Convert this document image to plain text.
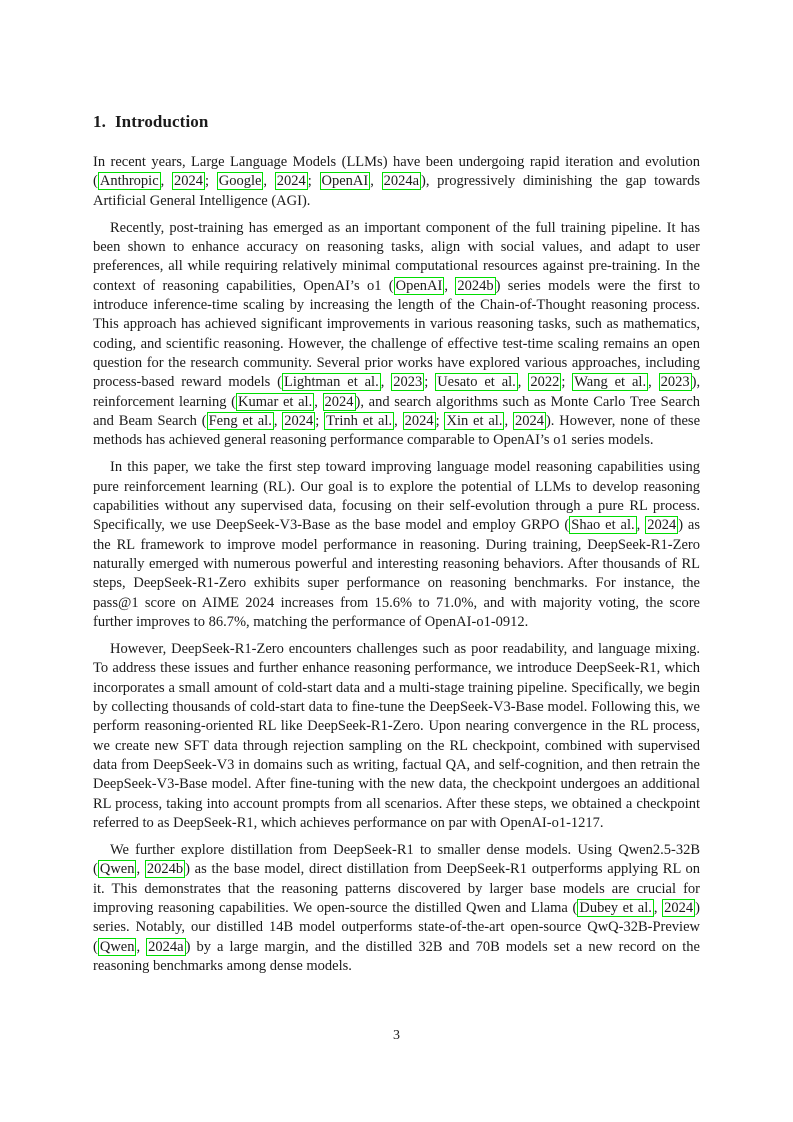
1. Introduction

In recent years, Large Language Models (LLMs) have been undergoing rapid iteration and evolution ( Anthropic , 2024 ; Google , 2024 ; OpenAI , 2024a ), progressively diminishing the gap towards Artificial General Intelligence (AGI).

Recently, post-training has emerged as an important component of the full training pipeline. It has been shown to enhance accuracy on reasoning tasks, align with social values, and adapt to user preferences, all while requiring relatively minimal computational resources against pre-training. In the context of reasoning capabilities, OpenAI’s o1 ( OpenAI , 2024b ) series models were the first to introduce inference-time scaling by increasing the length of the Chain-of-Thought reasoning process. This approach has achieved significant improvements in various reasoning tasks, such as mathematics, coding, and scientific reasoning. However, the challenge of effective test-time scaling remains an open question for the research community. Several prior works have explored various approaches, including process-based reward models ( Lightman et al. , 2023 ; Uesato et al. , 2022 ; Wang et al. , 2023 ), reinforcement learning ( Kumar et al. , 2024 ), and search algorithms such as Monte Carlo Tree Search and Beam Search ( Feng et al. , 2024 ; Trinh et al. , 2024 ; Xin et al. , 2024 ). However, none of these methods has achieved general reasoning performance comparable to OpenAI’s o1 series models.

In this paper, we take the first step toward improving language model reasoning capabilities using pure reinforcement learning (RL). Our goal is to explore the potential of LLMs to develop reasoning capabilities without any supervised data, focusing on their self-evolution through a pure RL process. Specifically, we use DeepSeek-V3-Base as the base model and employ GRPO ( Shao et al. , 2024 ) as the RL framework to improve model performance in reasoning. During training, DeepSeek-R1-Zero naturally emerged with numerous powerful and interesting reasoning behaviors. After thousands of RL steps, DeepSeek-R1-Zero exhibits super performance on reasoning benchmarks. For instance, the pass@1 score on AIME 2024 increases from 15.6% to 71.0%, and with majority voting, the score further improves to 86.7%, matching the performance of OpenAI-o1-0912.

However, DeepSeek-R1-Zero encounters challenges such as poor readability, and language mixing. To address these issues and further enhance reasoning performance, we introduce DeepSeek-R1, which incorporates a small amount of cold-start data and a multi-stage training pipeline. Specifically, we begin by collecting thousands of cold-start data to fine-tune the DeepSeek-V3-Base model. Following this, we perform reasoning-oriented RL like DeepSeek-R1-Zero. Upon nearing convergence in the RL process, we create new SFT data through rejection sampling on the RL checkpoint, combined with supervised data from DeepSeek-V3 in domains such as writing, factual QA, and self-cognition, and then retrain the DeepSeek-V3-Base model. After fine-tuning with the new data, the checkpoint undergoes an additional RL process, taking into account prompts from all scenarios. After these steps, we obtained a checkpoint referred to as DeepSeek-R1, which achieves performance on par with OpenAI-o1-1217.

We further explore distillation from DeepSeek-R1 to smaller dense models. Using Qwen2.5-32B ( Qwen , 2024b ) as the base model, direct distillation from DeepSeek-R1 outperforms applying RL on it. This demonstrates that the reasoning patterns discovered by larger base models are crucial for improving reasoning capabilities. We open-source the distilled Qwen and Llama ( Dubey et al. , 2024 ) series. Notably, our distilled 14B model outperforms state-of-the-art open-source QwQ-32B-Preview ( Qwen , 2024a ) by a large margin, and the distilled 32B and 70B models set a new record on the reasoning benchmarks among dense models.

3
